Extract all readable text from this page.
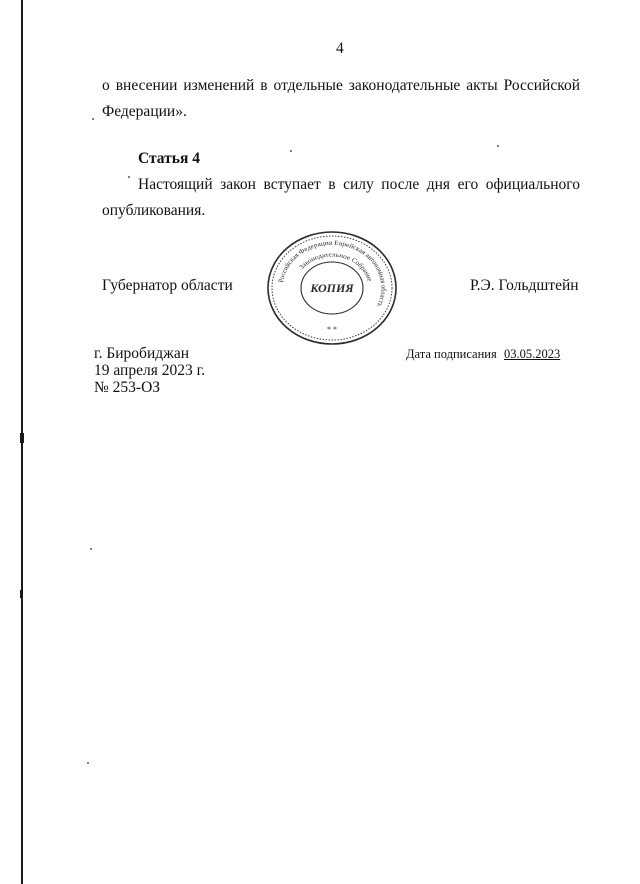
4
о внесении изменений в отдельные законодательные акты Российской
Федерации».
Статья 4
Настоящий закон вступает в силу после дня его официального
опубликования.
Губернатор области	Р.Э. Гольдштейн
Российская Федерация Еврейская автономная область
Законодательное Собрание
КОПИЯ
* *
г. Биробиджан
19 апреля 2023 г.
№ 253-ОЗ
Дата подписания 03.05.2023
